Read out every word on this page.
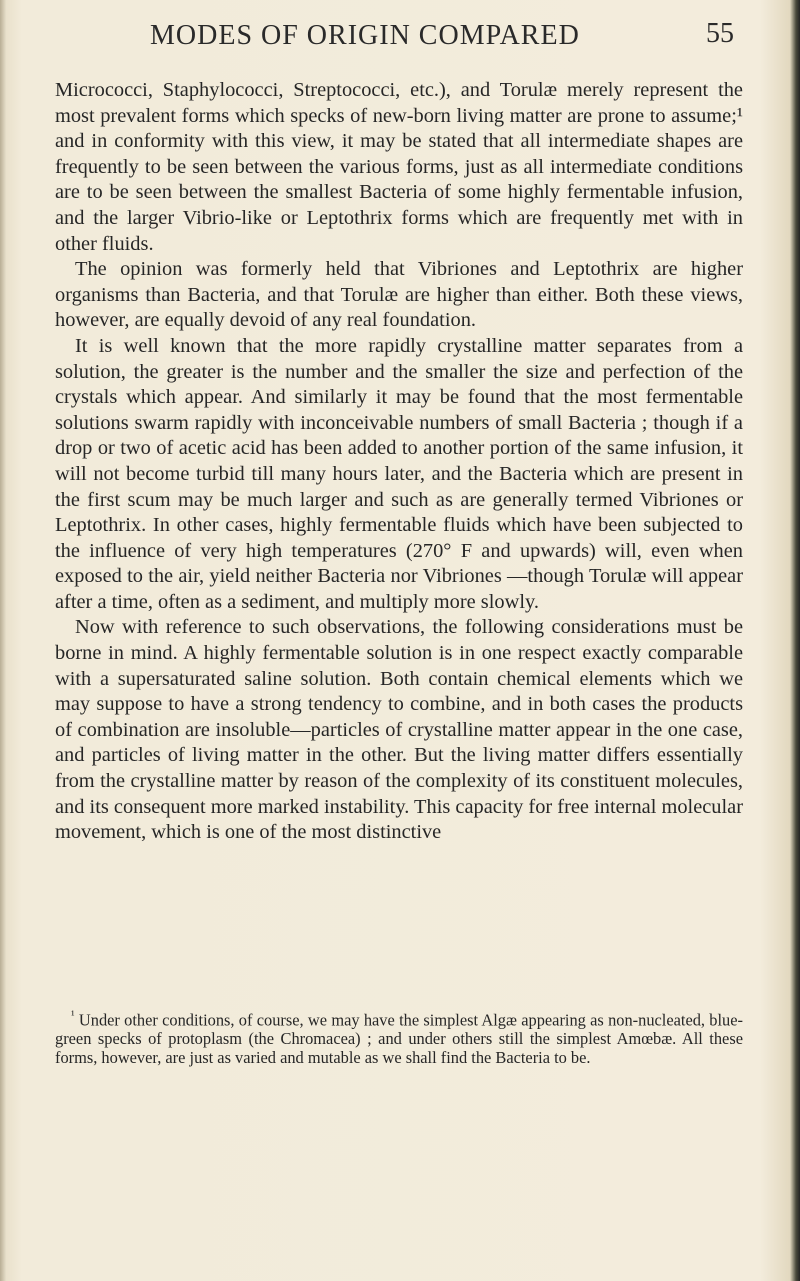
MODES OF ORIGIN COMPARED	55

Micrococci, Staphylococci, Streptococci, etc.), and Torulæ merely represent the most prevalent forms which specks of new-born living matter are prone to assume;¹ and in conformity with this view, it may be stated that all intermediate shapes are frequently to be seen between the various forms, just as all intermediate conditions are to be seen between the smallest Bacteria of some highly fermentable infusion, and the larger Vibrio-like or Leptothrix forms which are frequently met with in other fluids.

The opinion was formerly held that Vibriones and Leptothrix are higher organisms than Bacteria, and that Torulæ are higher than either. Both these views, however, are equally devoid of any real foundation.

It is well known that the more rapidly crystalline matter separates from a solution, the greater is the number and the smaller the size and perfection of the crystals which appear. And similarly it may be found that the most fermentable solutions swarm rapidly with inconceivable numbers of small Bacteria ; though if a drop or two of acetic acid has been added to another portion of the same infusion, it will not become turbid till many hours later, and the Bacteria which are present in the first scum may be much larger and such as are generally termed Vibriones or Leptothrix. In other cases, highly fermentable fluids which have been subjected to the influence of very high temperatures (270° F and upwards) will, even when exposed to the air, yield neither Bacteria nor Vibriones —though Torulæ will appear after a time, often as a sediment, and multiply more slowly.

Now with reference to such observations, the following considerations must be borne in mind. A highly fermentable solution is in one respect exactly comparable with a supersaturated saline solution. Both contain chemical elements which we may suppose to have a strong tendency to combine, and in both cases the products of combination are insoluble—particles of crystalline matter appear in the one case, and particles of living matter in the other. But the living matter differs essentially from the crystalline matter by reason of the complexity of its constituent molecules, and its consequent more marked instability. This capacity for free internal molecular movement, which is one of the most distinctive

$^{^1}$ Under other conditions, of course, we may have the simplest Algæ appearing as non-nucleated, blue-green specks of protoplasm (the Chromacea) ; and under others still the simplest Amœbæ. All these forms, however, are just as varied and mutable as we shall find the Bacteria to be.
